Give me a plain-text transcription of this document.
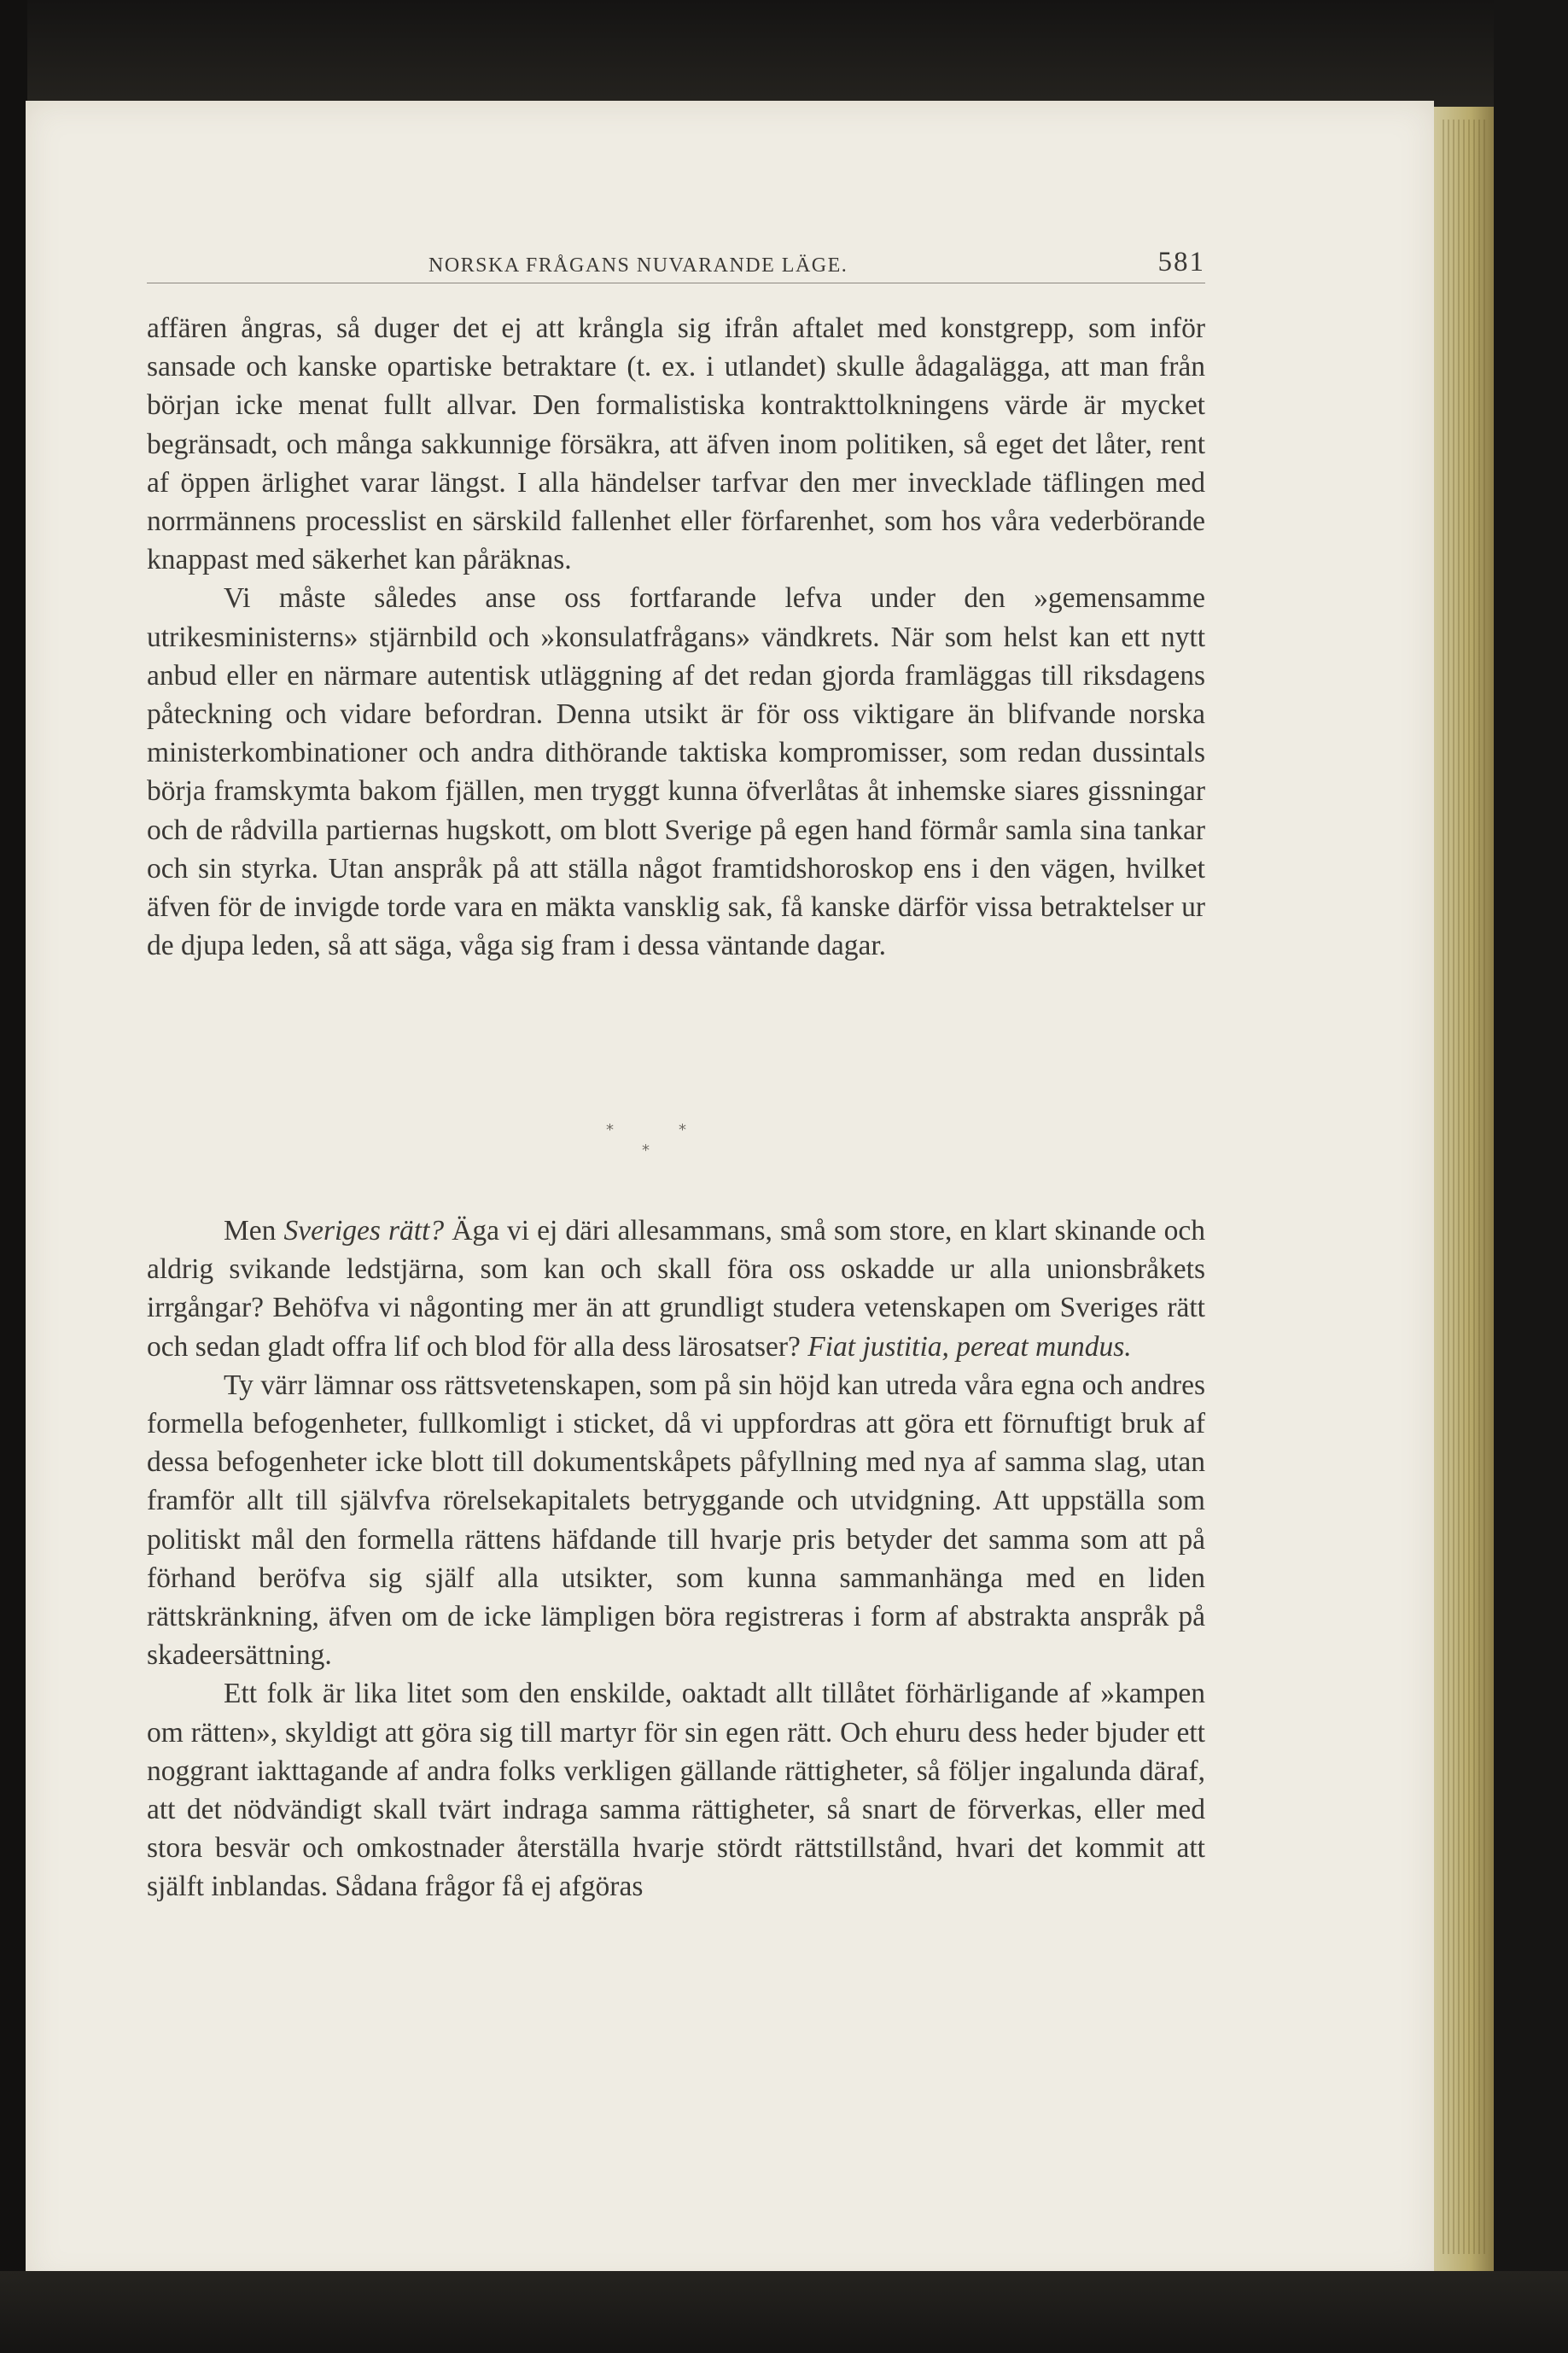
NORSKA FRÅGANS NUVARANDE LÄGE.	581

affären ångras, så duger det ej att krångla sig ifrån aftalet med konstgrepp, som inför sansade och kanske opartiske betraktare (t. ex. i utlandet) skulle ådagalägga, att man från början icke menat fullt allvar. Den formalistiska kontrakttolkningens värde är mycket begränsadt, och många sakkunnige försäkra, att äfven inom politiken, så eget det låter, rent af öppen ärlighet varar längst. I alla händelser tarfvar den mer invecklade täflingen med norrmännens processlist en särskild fallenhet eller förfarenhet, som hos våra vederbörande knappast med säkerhet kan påräknas.

Vi måste således anse oss fortfarande lefva under den »gemensamme utrikesministerns» stjärnbild och »konsulatfrågans» vändkrets. När som helst kan ett nytt anbud eller en närmare autentisk utläggning af det redan gjorda framläggas till riksdagens påteckning och vidare befordran. Denna utsikt är för oss viktigare än blifvande norska ministerkombinationer och andra dithörande taktiska kompromisser, som redan dussintals börja framskymta bakom fjällen, men tryggt kunna öfverlåtas åt inhemske siares gissningar och de rådvilla partiernas hugskott, om blott Sverige på egen hand förmår samla sina tankar och sin styrka. Utan anspråk på att ställa något framtidshoroskop ens i den vägen, hvilket äfven för de invigde torde vara en mäkta vansklig sak, få kanske därför vissa betraktelser ur de djupa leden, så att säga, våga sig fram i dessa väntande dagar.

*	*
*

Men Sveriges rätt? Äga vi ej däri allesammans, små som store, en klart skinande och aldrig svikande ledstjärna, som kan och skall föra oss oskadde ur alla unionsbråkets irrgångar? Behöfva vi någonting mer än att grundligt studera vetenskapen om Sveriges rätt och sedan gladt offra lif och blod för alla dess lärosatser? Fiat justitia, pereat mundus.

Ty värr lämnar oss rättsvetenskapen, som på sin höjd kan utreda våra egna och andres formella befogenheter, fullkomligt i sticket, då vi uppfordras att göra ett förnuftigt bruk af dessa befogenheter icke blott till dokumentskåpets påfyllning med nya af samma slag, utan framför allt till självfva rörelsekapitalets betryggande och utvidgning. Att uppställa som politiskt mål den formella rättens häfdande till hvarje pris betyder det samma som att på förhand beröfva sig själf alla utsikter, som kunna sammanhänga med en liden rättskränkning, äfven om de icke lämpligen böra registreras i form af abstrakta anspråk på skadeersättning.

Ett folk är lika litet som den enskilde, oaktadt allt tillåtet förhärligande af »kampen om rätten», skyldigt att göra sig till martyr för sin egen rätt. Och ehuru dess heder bjuder ett noggrant iakttagande af andra folks verkligen gällande rättigheter, så följer ingalunda däraf, att det nödvändigt skall tvärt indraga samma rättigheter, så snart de förverkas, eller med stora besvär och omkostnader återställa hvarje stördt rättstillstånd, hvari det kommit att själft inblandas. Sådana frågor få ej afgöras
